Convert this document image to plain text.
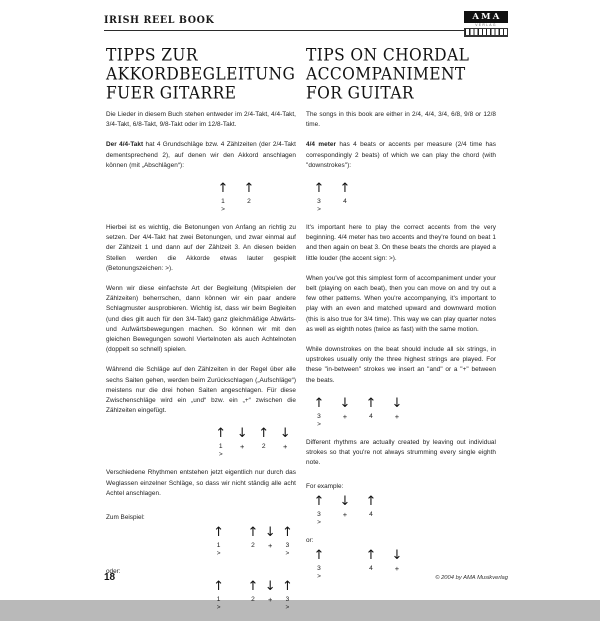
IRISH REEL BOOK	AMA
VERLAG
TIPPS ZUR
AKKORDBEGLEITUNG
FUER GITARRE
TIPS ON CHORDAL
ACCOMPANIMENT
FOR GUITAR

Die Lieder in diesem Buch stehen entweder im 2/4-Takt, 4/4-Takt, 3/4-Takt, 6/8-Takt, 9/8-Takt oder im 12/8-Takt.

Der 4/4-Takt hat 4 Grundschläge bzw. 4 Zählzeiten (der 2/4-Takt dementsprechend 2), auf denen wir den Akkord anschlagen können (mit „Abschlägen“):

↑
1
>
↑
2

Hierbei ist es wichtig, die Betonungen von Anfang an richtig zu setzen. Der 4/4-Takt hat zwei Betonungen, und zwar einmal auf der Zählzeit 1 und dann auf der Zählzeit 3. An diesen beiden Stellen werden die Akkorde etwas lauter gespielt (Betonungszeichen: >).

Wenn wir diese einfachste Art der Begleitung (Mitspielen der Zählzeiten) beherrschen, dann können wir ein paar andere Schlagmuster ausprobieren. Wichtig ist, dass wir beim Begleiten (und dies gilt auch für den 3/4-Takt) ganz gleichmäßige Abwärts- und Aufwärtsbewegungen machen. So können wir mit den gleichen Bewegungen sowohl Viertelnoten als auch Achtelnoten (doppelt so schnell) spielen.

Während die Schläge auf den Zählzeiten in der Regel über alle sechs Saiten gehen, werden beim Zurückschlagen („Aufschläge“) meistens nur die drei hohen Saiten angeschlagen. Für diese Zwischenschläge wird ein „und“ bzw. ein „+“ zwischen die Zählzeiten eingefügt.

↑
1
>
↓
+

↑
2

↓
+

Verschiedene Rhythmen entstehen jetzt eigentlich nur durch das Weglassen einzelner Schläge, so dass wir nicht ständig alle acht Achtel anschlagen.

Zum Beispiel:
↑
1
>

↑
2

↓
+

↑
3
>
oder:
↑
1
>

↑
2

↓
+

↑
3
>

The songs in this book are either in 2/4, 4/4, 3/4, 6/8, 9/8 or 12/8 time.

4/4 meter has 4 beats or accents per measure (2/4 time has correspondingly 2 beats) of which we can play the chord (with "downstrokes"):

↑
3
>
↑
4

It's important here to play the correct accents from the very beginning. 4/4 meter has two accents and they're found on beat 1 and then again on beat 3. On these beats the chords are played a little louder (the accent sign: >).

When you've got this simplest form of accompaniment under your belt (playing on each beat), then you can move on and try out a few other patterns. When you're accompanying, it's important to play with an even and matched upward and downward motion (this is also true for 3/4 time). This way we can play quarter notes as well as eighth notes (twice as fast) with the same motion.

While downstrokes on the beat should include all six strings, in upstrokes usually only the three highest strings are played. For these "in-between" strokes we insert an "and" or a "+" between the beats.

↑
3
>
↓
+

↑
4

↓
+

Different rhythms are actually created by leaving out individual strokes so that you're not always strumming every single eighth note.

For example:
↑
3
>
↓
+

↑
4

or:
↑
3
>

↑
4

↓
+

18	© 2004 by AMA Musikverlag
